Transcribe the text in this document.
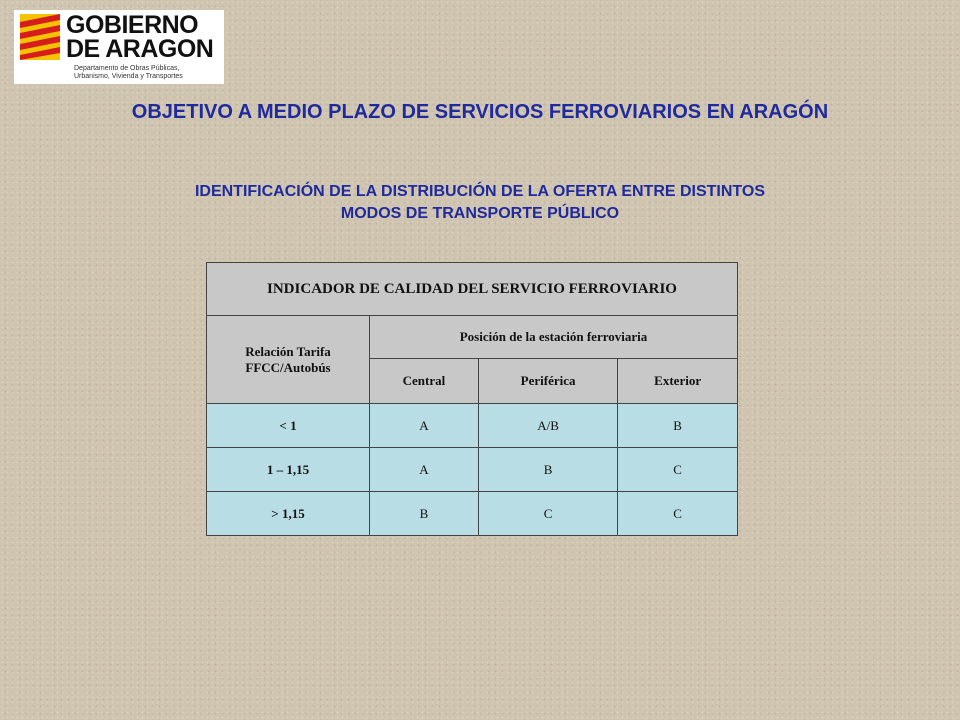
GOBIERNO
DE ARAGON
Departamento de Obras Públicas,
Urbanismo, Vivienda y Transportes
OBJETIVO A MEDIO PLAZO DE SERVICIOS FERROVIARIOS EN ARAGÓN
IDENTIFICACIÓN DE LA DISTRIBUCIÓN DE LA OFERTA ENTRE DISTINTOS
MODOS DE TRANSPORTE PÚBLICO
INDICADOR DE CALIDAD DEL SERVICIO FERROVIARIO			
Relación Tarifa FFCC/Autobús	Posición de la estación ferroviaria		
	Central	Periférica	Exterior
< 1	A	A/B	B
1 – 1,15	A	B	C
> 1,15	B	C	C
